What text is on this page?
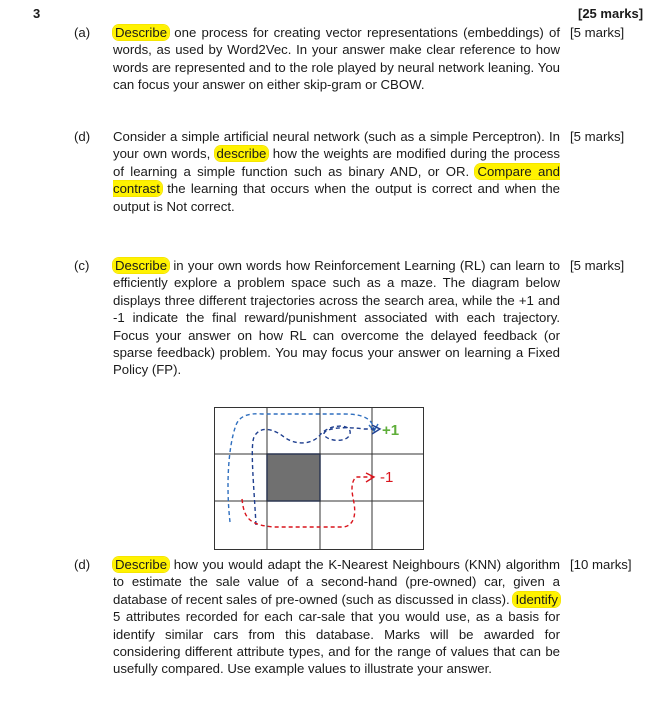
3	[25 marks]
(a) Describe one process for creating vector representations (embeddings) of words, as used by Word2Vec. In your answer make clear reference to how words are represented and to the role played by neural network leaning. You can focus your answer on either skip-gram or CBOW.
[5 marks]
(d) Consider a simple artificial neural network (such as a simple Perceptron). In your own words, describe how the weights are modified during the process of learning a simple function such as binary AND, or OR. Compare and contrast the learning that occurs when the output is correct and when the output is Not correct.
[5 marks]
(c) Describe in your own words how Reinforcement Learning (RL) can learn to efficiently explore a problem space such as a maze. The diagram below displays three different trajectories across the search area, while the +1 and -1 indicate the final reward/punishment associated with each trajectory. Focus your answer on how RL can overcome the delayed feedback (or sparse feedback) problem. You may focus your answer on learning a Fixed Policy (FP).
[5 marks]
+1
-1
(d) Describe how you would adapt the K-Nearest Neighbours (KNN) algorithm to estimate the sale value of a second-hand (pre-owned) car, given a database of recent sales of pre-owned (such as discussed in class). Identify 5 attributes recorded for each car-sale that you would use, as a basis for identify similar cars from this database. Marks will be awarded for considering different attribute types, and for the range of values that can be usefully compared. Use example values to illustrate your answer.
[10 marks]
